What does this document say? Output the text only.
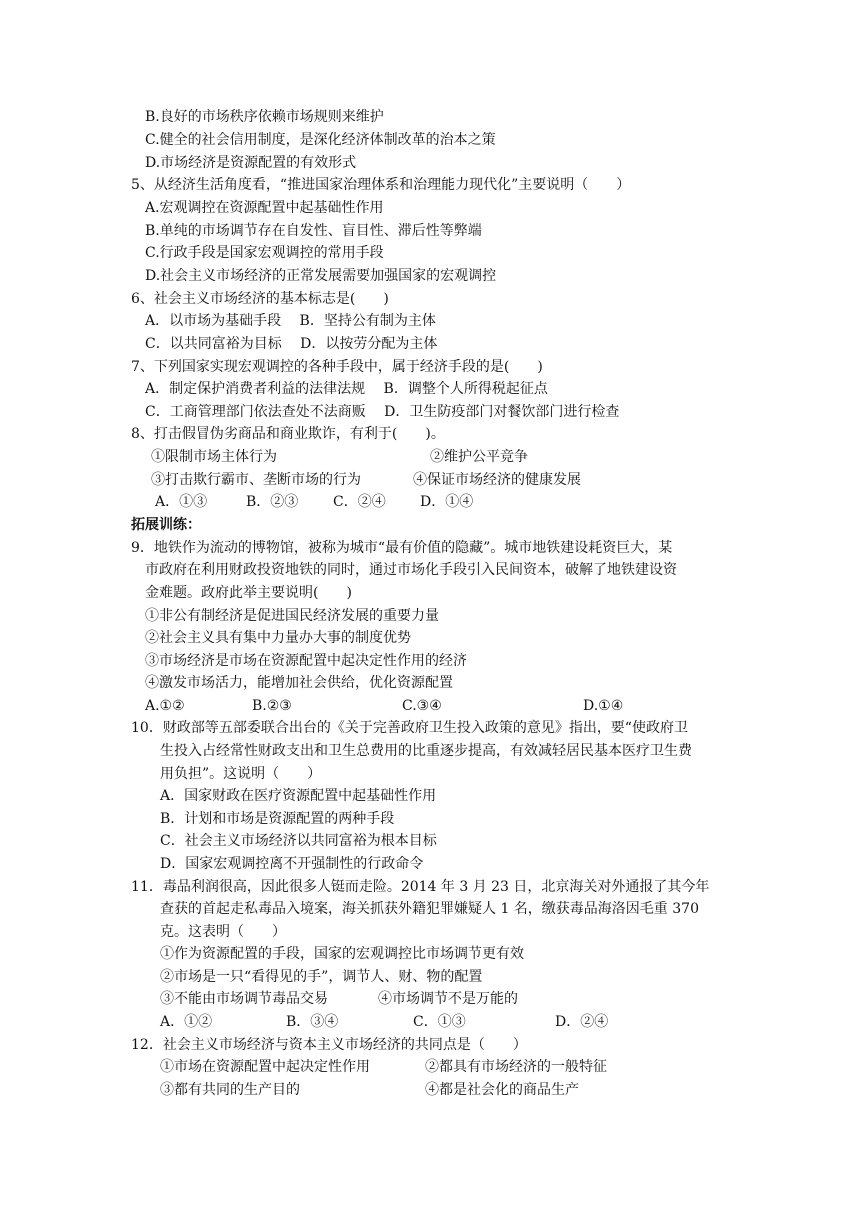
B.良好的市场秩序依赖市场规则来维护
C.健全的社会信用制度，是深化经济体制改革的治本之策
D.市场经济是资源配置的有效形式
5、从经济生活角度看，“推进国家治理体系和治理能力现代化”主要说明（　　）
A.宏观调控在资源配置中起基础性作用
B.单纯的市场调节存在自发性、盲目性、滞后性等弊端
C.行政手段是国家宏观调控的常用手段
D.社会主义市场经济的正常发展需要加强国家的宏观调控
6、社会主义市场经济的基本标志是(　　)
A．以市场为基础手段　 B．坚持公有制为主体
C．以共同富裕为目标　 D．以按劳分配为主体
7、下列国家实现宏观调控的各种手段中，属于经济手段的是(　　)
A．制定保护消费者利益的法律法规　 B．调整个人所得税起征点
C．工商管理部门依法查处不法商贩　 D．卫生防疫部门对餐饮部门进行检查
8、打击假冒伪劣商品和商业欺诈，有利于(　　)。
①限制市场主体行为	②维护公平竞争
③打击欺行霸市、垄断市场的行为	④保证市场经济的健康发展
A．①③	B．②③ C．②④ D．①④
拓展训练：
9．地铁作为流动的博物馆，被称为城市“最有价值的隐藏”。城市地铁建设耗资巨大，某
市政府在利用财政投资地铁的同时，通过市场化手段引入民间资本，破解了地铁建设资
金难题。政府此举主要说明(　　)
①非公有制经济是促进国民经济发展的重要力量
②社会主义具有集中力量办大事的制度优势
③市场经济是市场在资源配置中起决定性作用的经济
④激发市场活力，能增加社会供给，优化资源配置
A.①②	B.②③	C.③④	D.①④
10．财政部等五部委联合出台的《关于完善政府卫生投入政策的意见》指出，要“使政府卫
生投入占经常性财政支出和卫生总费用的比重逐步提高，有效减轻居民基本医疗卫生费
用负担”。这说明（　　）
A．国家财政在医疗资源配置中起基础性作用
B．计划和市场是资源配置的两种手段
C．社会主义市场经济以共同富裕为根本目标
D．国家宏观调控离不开强制性的行政命令
11．毒品利润很高，因此很多人铤而走险。2014 年 3 月 23 日，北京海关对外通报了其今年
查获的首起走私毒品入境案，海关抓获外籍犯罪嫌疑人 1 名，缴获毒品海洛因毛重 370
克。这表明（　　）
①作为资源配置的手段，国家的宏观调控比市场调节更有效
②市场是一只“看得见的手”，调节人、财、物的配置
③不能由市场调节毒品交易	④市场调节不是万能的
A．①②	B．③④	C．①③	D．②④
12．社会主义市场经济与资本主义市场经济的共同点是（　　）
①市场在资源配置中起决定性作用	②都具有市场经济的一般特征
③都有共同的生产目的	④都是社会化的商品生产
